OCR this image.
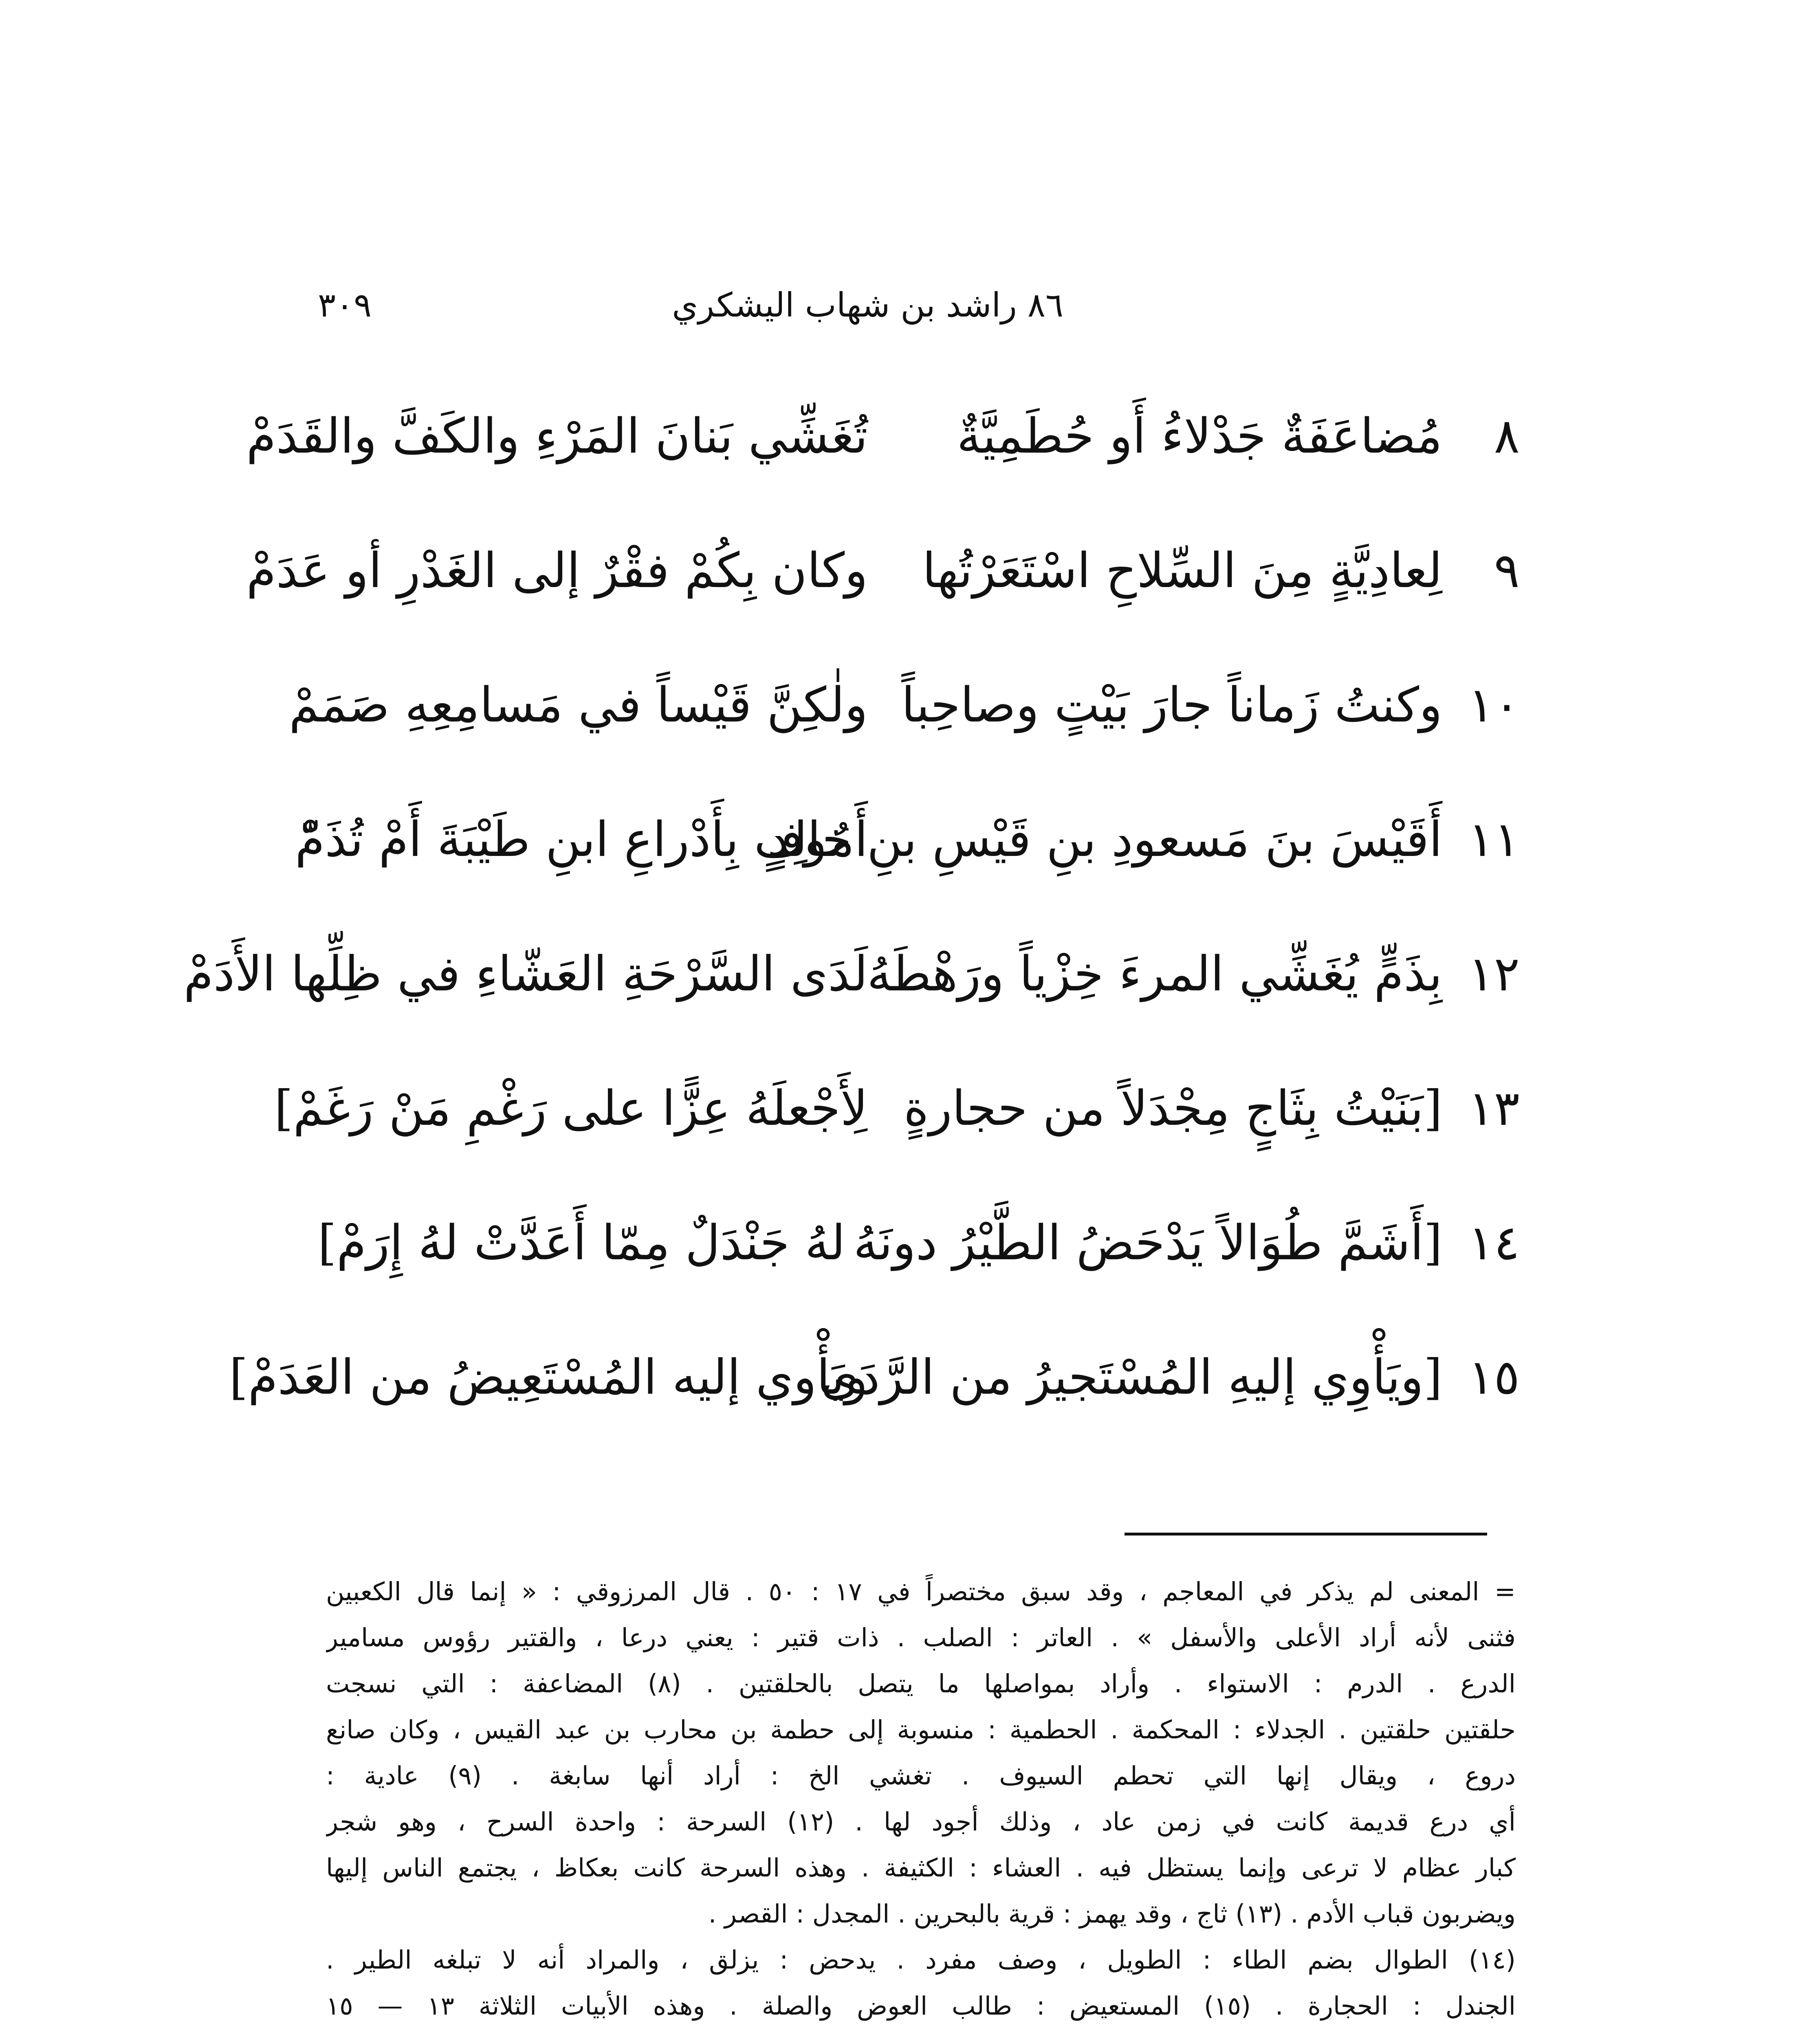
٨٦ راشد بن شهاب اليشكري
٣٠٩
٨
مُضاعَفَةٌ جَدْلاءُ أَو حُطَمِيَّةٌ
تُغَشِّي بَنانَ المَرْءِ والكَفَّ والقَدَمْ
٩
لِعادِيَّةٍ مِنَ السِّلاحِ اسْتَعَرْتُها
وكان بِكُمْ فقْرٌ إلى الغَدْرِ أو عَدَمْ
١٠
وكنتُ زَماناً جارَ بَيْتٍ وصاحِباً
ولٰكِنَّ قَيْساً في مَسامِعِهِ صَمَمْ
١١
أَقَيْسَ بنَ مَسعودِ بنِ قَيْسِ بنِ خالِدٍ
أَمُوفٍ بِأَدْراعِ ابنِ طَيْبَةَ أَمْ تُذَمّْ
١٢
بِذَمٍّ يُغَشِّي المرءَ خِزْياً ورَهْطَهُ
لَدَى السَّرْحَةِ العَشّاءِ في ظِلِّها الأَدَمْ
١٣
[بَنَيْتُ بِثَاجٍ مِجْدَلاً من حجارةٍ
لِأَجْعلَهُ عِزًّا على رَغْمِ مَنْ رَغَمْ]
١٤
[أَشَمَّ طُوَالاً يَدْحَضُ الطَّيْرُ دونَهُ
لهُ جَنْدَلٌ مِمّا أَعَدَّتْ لهُ إِرَمْ]
١٥
[ويَأْوِي إليهِ المُسْتَجيرُ من الرَّدَى
ويَأْوي إليه المُسْتَعِيضُ من العَدَمْ]
= المعنى لم يذكر في المعاجم ، وقد سبق مختصراً في ١٧ : ٥٠ . قال المرزوقي : « إنما قال الكعبين
فثنى لأنه أراد الأعلى والأسفل » . العاتر : الصلب . ذات قتير : يعني درعا ، والقتير رؤوس مسامير
الدرع . الدرم : الاستواء . وأراد بمواصلها ما يتصل بالحلقتين . (٨) المضاعفة : التي نسجت
حلقتين حلقتين . الجدلاء : المحكمة . الحطمية : منسوبة إلى حطمة بن محارب بن عبد القيس ، وكان صانع
دروع ، ويقال إنها التي تحطم السيوف . تغشي الخ : أراد أنها سابغة . (٩) عادية :
أي درع قديمة كانت في زمن عاد ، وذلك أجود لها . (١٢) السرحة : واحدة السرح ، وهو شجر
كبار عظام لا ترعى وإنما يستظل فيه . العشاء : الكثيفة . وهذه السرحة كانت بعكاظ ، يجتمع الناس إليها
ويضربون قباب الأدم . (١٣) ثاج ، وقد يهمز : قرية بالبحرين . المجدل : القصر .
(١٤) الطوال بضم الطاء : الطويل ، وصف مفرد . يدحض : يزلق ، والمراد أنه لا تبلغه الطير .
الجندل : الحجارة . (١٥) المستعيض : طالب العوض والصلة . وهذه الأبيات الثلاثة ١٣ — ١٥
